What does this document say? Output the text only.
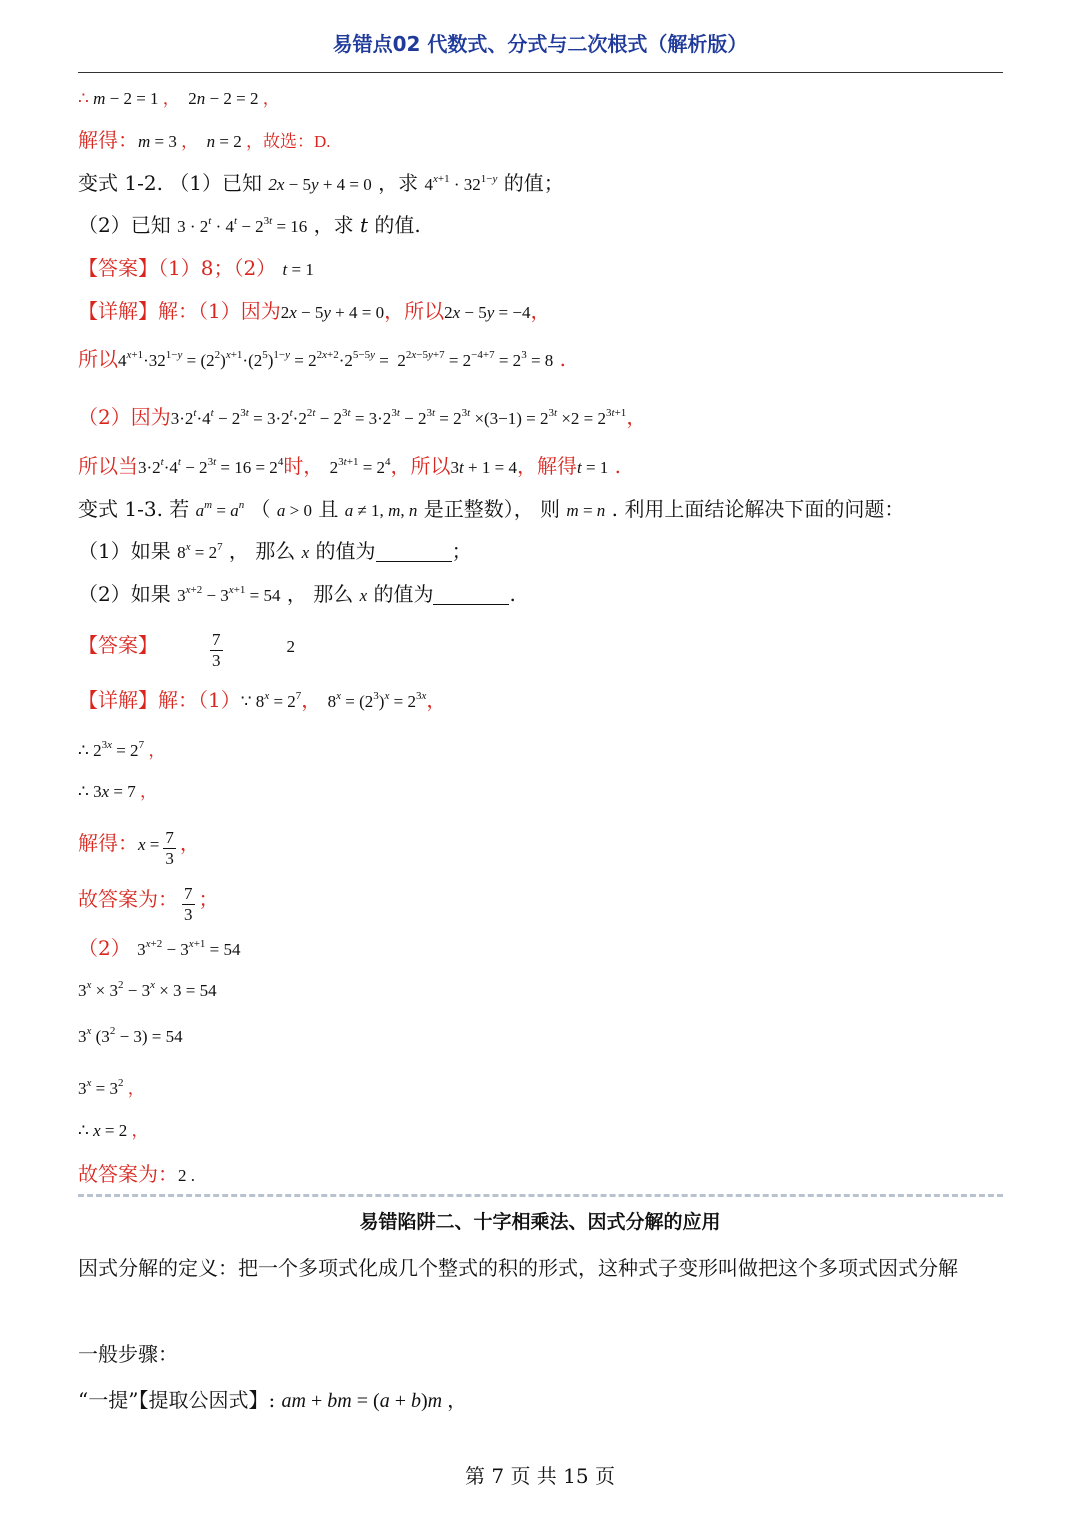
易错点02 代数式、分式与二次根式（解析版）
∴ m − 2 = 1 ，  2n − 2 = 2 ，
解得：m = 3 ， n = 2 ，故选：D.
变式 1-2. （1）已知 2x − 5y + 4 = 0 ，求 $4^{x+1} \cdot 32^{1-y}$ 的值；
（2）已知 $3 \cdot 2^t \cdot 4^t - 2^{3t} = 16$ ，求 t 的值.
【答案】（1）8；（2） t = 1
【详解】解：（1）因为2x − 5y + 4 = 0，所以2x − 5y = −4，
所以$4^{x+1}\cdot 32^{1-y} = (2^2)^{x+1}\cdot(2^5)^{1-y} = 2^{2x+2}\cdot 2^{5-5y} = 2^{2x-5y+7} = 2^{-4+7} = 2^3 = 8$ .
（2）因为$3\cdot 2^t\cdot 4^t - 2^{3t} = 3\cdot 2^t\cdot 2^{2t} - 2^{3t} = 3\cdot 2^{3t} - 2^{3t} = 2^{3t} \times(3-1) = 2^{3t} \times 2 = 2^{3t+1}$，
所以当$3\cdot 2^t\cdot 4^t - 2^{3t} = 16 = 2^4$时， $2^{3t+1} = 2^4$，所以3t + 1 = 4，解得t = 1 .
变式 1-3. 若 $a^m = a^n$ （ a > 0 且 a ≠ 1, m, n 是正整数）， 则 m = n . 利用上面结论解决下面的问题：
（1）如果 $8^x = 2^7$ ， 那么 x 的值为	；
（2）如果 $3^{x+2} - 3^{x+1} = 54$ ， 那么 x 的值为	.
【答案】	$\frac{7}{3}$	2
【详解】解：（1）∵ $8^x = 2^7$， $8^x = (2^3)^x = 2^{3x}$，
∴ $2^{3x} = 2^7$ ，
∴ 3x = 7 ，
解得：$x = \frac{7}{3}$ ，
故答案为： $\frac{7}{3}$ ；
（2） $3^{x+2} - 3^{x+1} = 54$
$3^x \times 3^2 - 3^x \times 3 = 54$
3$^x$ $(3^2 - 3) = 54$
$3^x = 3^2$ ，
∴ x = 2 ，
故答案为：2 .
易错陷阱二、十字相乘法、因式分解的应用
因式分解的定义：把一个多项式化成几个整式的积的形式，这种式子变形叫做把这个多项式因式分解
一般步骤：
“一提”【提取公因式】: am + bm = (a + b)m ，
第 7 页 共 15 页
